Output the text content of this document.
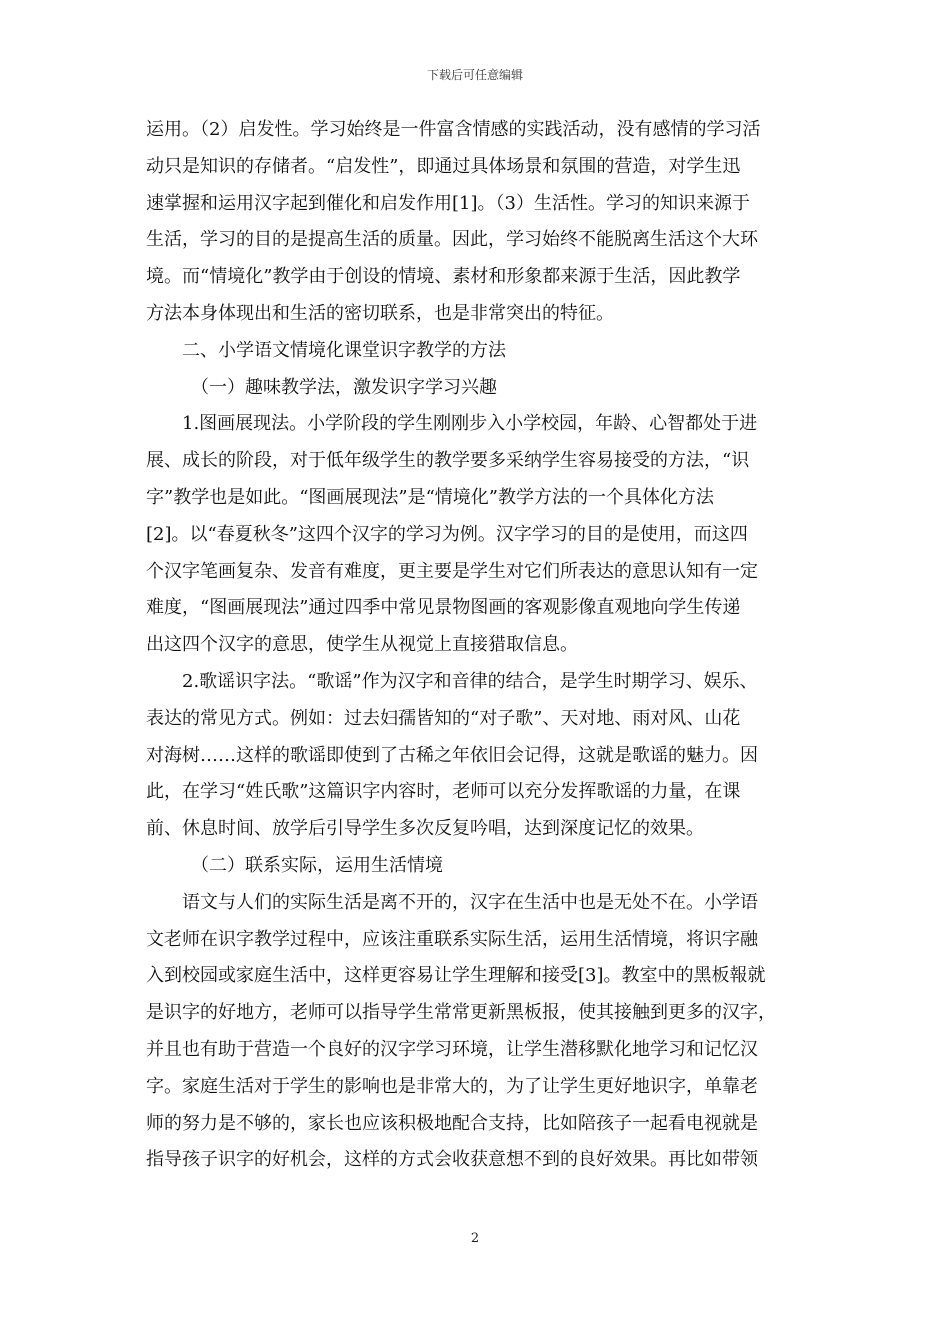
下载后可任意编辑
运用。（2）启发性。学习始终是一件富含情感的实践活动，没有感情的学习活
动只是知识的存储者。“启发性”，即通过具体场景和氛围的营造，对学生迅
速掌握和运用汉字起到催化和启发作用[1]。（3）生活性。学习的知识来源于
生活，学习的目的是提高生活的质量。因此，学习始终不能脱离生活这个大环
境。而“情境化”教学由于创设的情境、素材和形象都来源于生活，因此教学
方法本身体现出和生活的密切联系，也是非常突出的特征。
二、小学语文情境化课堂识字教学的方法
（一）趣味教学法，激发识字学习兴趣
1.图画展现法。小学阶段的学生刚刚步入小学校园，年龄、心智都处于进
展、成长的阶段，对于低年级学生的教学要多采纳学生容易接受的方法，“识
字”教学也是如此。“图画展现法”是“情境化”教学方法的一个具体化方法
[2]。以“春夏秋冬”这四个汉字的学习为例。汉字学习的目的是使用，而这四
个汉字笔画复杂、发音有难度，更主要是学生对它们所表达的意思认知有一定
难度，“图画展现法”通过四季中常见景物图画的客观影像直观地向学生传递
出这四个汉字的意思，使学生从视觉上直接猎取信息。
2.歌谣识字法。“歌谣”作为汉字和音律的结合，是学生时期学习、娱乐、
表达的常见方式。例如：过去妇孺皆知的“对子歌”、天对地、雨对风、山花
对海树……这样的歌谣即使到了古稀之年依旧会记得，这就是歌谣的魅力。因
此，在学习“姓氏歌”这篇识字内容时，老师可以充分发挥歌谣的力量，在课
前、休息时间、放学后引导学生多次反复吟唱，达到深度记忆的效果。
（二）联系实际，运用生活情境
语文与人们的实际生活是离不开的，汉字在生活中也是无处不在。小学语
文老师在识字教学过程中，应该注重联系实际生活，运用生活情境，将识字融
入到校园或家庭生活中，这样更容易让学生理解和接受[3]。教室中的黑板報就
是识字的好地方，老师可以指导学生常常更新黑板报，使其接触到更多的汉字，
并且也有助于营造一个良好的汉字学习环境，让学生潜移默化地学习和记忆汉
字。家庭生活对于学生的影响也是非常大的，为了让学生更好地识字，单靠老
师的努力是不够的，家长也应该积极地配合支持，比如陪孩子一起看电视就是
指导孩子识字的好机会，这样的方式会收获意想不到的良好效果。再比如带领
2
